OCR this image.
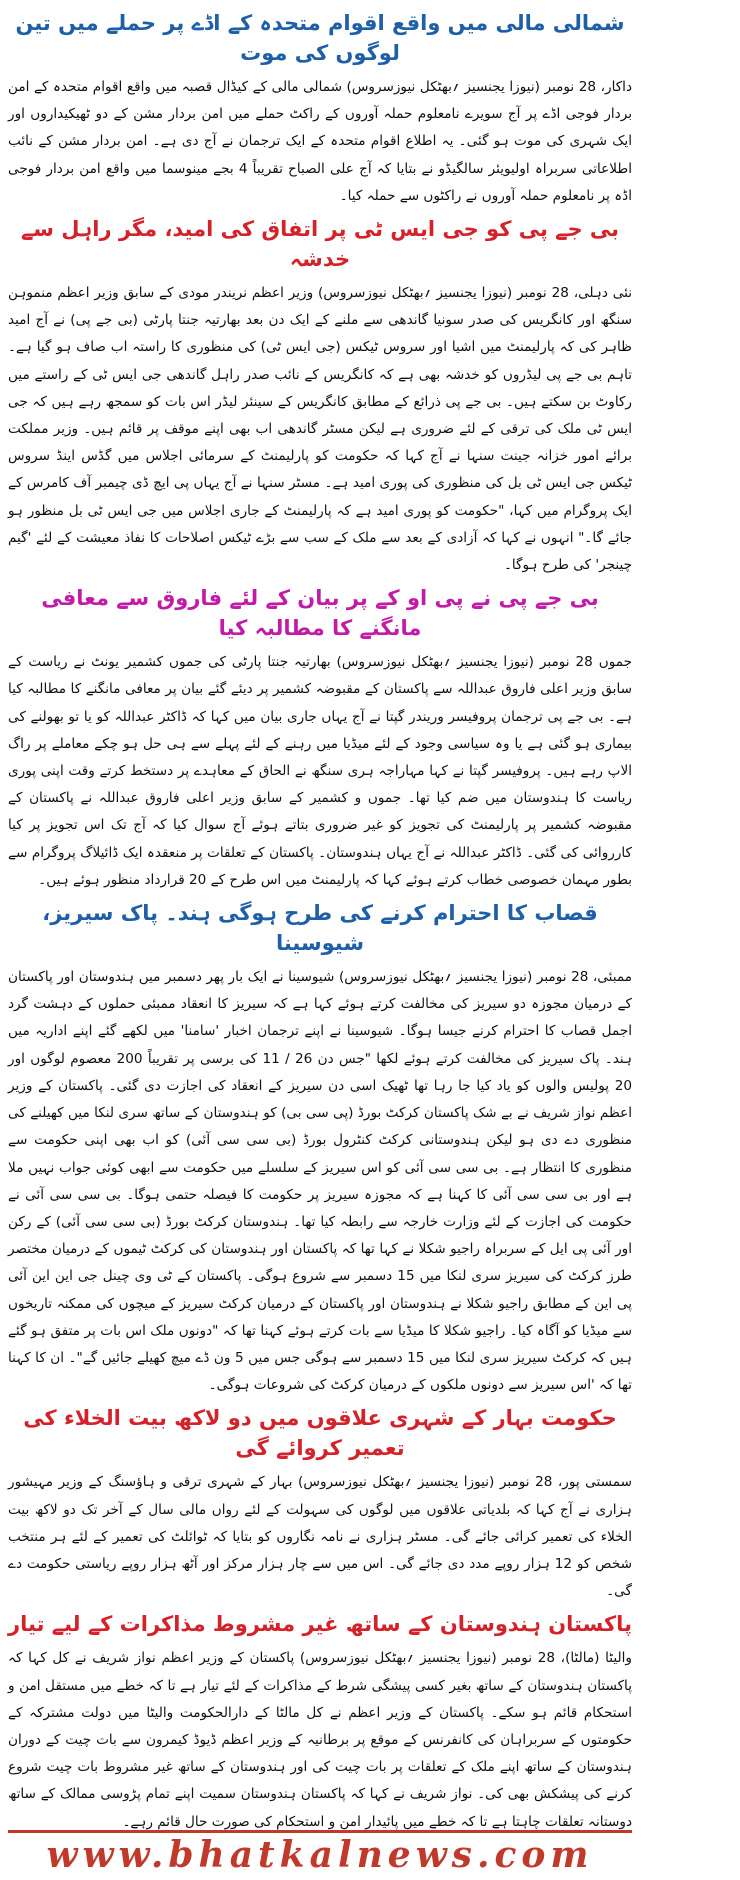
شمالی مالی میں واقع اقوام متحدہ کے اڈے پر حملے میں تین لوگوں کی موت

داکار، 28 نومبر (نیوزا یجنسیز ؍بھٹکل نیوزسروس) شمالی مالی کے کیڈال قصبہ میں واقع اقوام متحدہ کے امن بردار فوجی اڈے پر آج سویرے نامعلوم حملہ آوروں کے راکٹ حملے میں امن بردار مشن کے دو ٹھیکیداروں اور ایک شہری کی موت ہو گئی۔ یہ اطلاع اقوام متحدہ کے ایک ترجمان نے آج دی ہے۔ امن بردار مشن کے نائب اطلاعاتی سربراہ اولیویئر سالگیڈو نے بتایا کہ آج علی الصباح تقریباً 4 بجے مینوسما میں واقع امن بردار فوجی اڈہ پر نامعلوم حملہ آوروں نے راکٹوں سے حملہ کیا۔

بی جے پی کو جی ایس ٹی پر اتفاق کی امید، مگر راہل سے خدشہ

نئی دہلی، 28 نومبر (نیوزا یجنسیز ؍بھٹکل نیوزسروس) وزیر اعظم نریندر مودی کے سابق وزیر اعظم منموہن سنگھ اور کانگریس کی صدر سونیا گاندھی سے ملنے کے ایک دن بعد بھارتیہ جنتا پارٹی (بی جے پی) نے آج امید ظاہر کی کہ پارلیمنٹ میں اشیا اور سروس ٹیکس (جی ایس ٹی) کی منظوری کا راستہ اب صاف ہو گیا ہے۔ تاہم بی جے پی لیڈروں کو خدشہ بھی ہے کہ کانگریس کے نائب صدر راہل گاندھی جی ایس ٹی کے راستے میں رکاوٹ بن سکتے ہیں۔ بی جے پی ذرائع کے مطابق کانگریس کے سینئر لیڈر اس بات کو سمجھ رہے ہیں کہ جی ایس ٹی ملک کی ترقی کے لئے ضروری ہے لیکن مسٹر گاندھی اب بھی اپنے موقف پر قائم ہیں۔ وزیر مملکت برائے امور خزانہ جینت سنہا نے آج کہا کہ حکومت کو پارلیمنٹ کے سرمائی اجلاس میں گڈس اینڈ سروس ٹیکس جی ایس ٹی بل کی منظوری کی پوری امید ہے۔ مسٹر سنہا نے آج یہاں پی ایچ ڈی چیمبر آف کامرس کے ایک پروگرام میں کہا، "حکومت کو پوری امید ہے کہ پارلیمنٹ کے جاری اجلاس میں جی ایس ٹی بل منظور ہو جائے گا۔" انہوں نے کہا کہ آزادی کے بعد سے ملک کے سب سے بڑے ٹیکس اصلاحات کا نفاذ معیشت کے لئے 'گیم چینجر' کی طرح ہوگا۔

بی جے پی نے پی او کے پر بیان کے لئے فاروق سے معافی مانگنے کا مطالبہ کیا

جموں 28 نومبر (نیوزا یجنسیز ؍بھٹکل نیوزسروس) بھارتیہ جنتا پارٹی کی جموں کشمیر یونٹ نے ریاست کے سابق وزیر اعلی فاروق عبداللہ سے پاکستان کے مقبوضہ کشمیر پر دیئے گئے بیان پر معافی مانگنے کا مطالبہ کیا ہے۔ بی جے پی ترجمان پروفیسر وریندر گپتا نے آج یہاں جاری بیان میں کہا کہ ڈاکٹر عبداللہ کو یا تو بھولنے کی بیماری ہو گئی ہے یا وہ سیاسی وجود کے لئے میڈیا میں رہنے کے لئے پہلے سے ہی حل ہو چکے معاملے پر راگ الاپ رہے ہیں۔ پروفیسر گپتا نے کہا مہاراجہ ہری سنگھ نے الحاق کے معاہدے پر دستخط کرتے وقت اپنی پوری ریاست کا ہندوستان میں ضم کیا تھا۔ جموں و کشمیر کے سابق وزیر اعلی فاروق عبداللہ نے پاکستان کے مقبوضہ کشمیر پر پارلیمنٹ کی تجویز کو غیر ضروری بتاتے ہوئے آج سوال کیا کہ آج تک اس تجویز پر کیا کارروائی کی گئی۔ ڈاکٹر عبداللہ نے آج یہاں ہندوستان۔ پاکستان کے تعلقات پر منعقدہ ایک ڈائیلاگ پروگرام سے بطور مہمان خصوصی خطاب کرتے ہوئے کہا کہ پارلیمنٹ میں اس طرح کے 20 قرارداد منظور ہوئے ہیں۔

قصاب کا احترام کرنے کی طرح ہوگی ہند۔ پاک سیریز، شیوسینا

ممبئی، 28 نومبر (نیوزا یجنسیز ؍بھٹکل نیوزسروس) شیوسینا نے ایک بار پھر دسمبر میں ہندوستان اور پاکستان کے درمیان مجوزہ دو سیریز کی مخالفت کرتے ہوئے کہا ہے کہ سیریز کا انعقاد ممبئی حملوں کے دہشت گرد اجمل قصاب کا احترام کرنے جیسا ہوگا۔ شیوسینا نے اپنے ترجمان اخبار 'سامنا' میں لکھے گئے اپنے اداریہ میں ہند۔ پاک سیریز کی مخالفت کرتے ہوئے لکھا "جس دن 26 / 11 کی برسی پر تقریباً 200 معصوم لوگوں اور 20 پولیس والوں کو یاد کیا جا رہا تھا ٹھیک اسی دن سیریز کے انعقاد کی اجازت دی گئی۔ پاکستان کے وزیر اعظم نواز شریف نے بے شک پاکستان کرکٹ بورڈ (پی سی بی) کو ہندوستان کے ساتھ سری لنکا میں کھیلنے کی منظوری دے دی ہو لیکن ہندوستانی کرکٹ کنٹرول بورڈ (بی سی سی آئی) کو اب بھی اپنی حکومت سے منظوری کا انتظار ہے۔ بی سی سی آئی کو اس سیریز کے سلسلے میں حکومت سے ابھی کوئی جواب نہیں ملا ہے اور بی سی سی آئی کا کہنا ہے کہ مجوزہ سیریز پر حکومت کا فیصلہ حتمی ہوگا۔ بی سی سی آئی نے حکومت کی اجازت کے لئے وزارت خارجہ سے رابطہ کیا تھا۔ ہندوستان کرکٹ بورڈ (بی سی سی آئی) کے رکن اور آئی پی ایل کے سربراہ راجیو شکلا نے کہا تھا کہ پاکستان اور ہندوستان کی کرکٹ ٹیموں کے درمیان مختصر طرز کرکٹ کی سیریز سری لنکا میں 15 دسمبر سے شروع ہوگی۔ پاکستان کے ٹی وی چینل جی این این آئی پی این کے مطابق راجیو شکلا نے ہندوستان اور پاکستان کے درمیان کرکٹ سیریز کے میچوں کی ممکنہ تاریخوں سے میڈیا کو آگاہ کیا۔ راجیو شکلا کا میڈیا سے بات کرتے ہوئے کہنا تھا کہ "دونوں ملک اس بات پر متفق ہو گئے ہیں کہ کرکٹ سیریز سری لنکا میں 15 دسمبر سے ہوگی جس میں 5 ون ڈے میچ کھیلے جائیں گے"۔ ان کا کہنا تھا کہ 'اس سیریز سے دونوں ملکوں کے درمیان کرکٹ کی شروعات ہوگی۔

حکومت بہار کے شہری علاقوں میں دو لاکھ بیت الخلاء کی تعمیر کروائے گی

سمستی پور، 28 نومبر (نیوزا یجنسیز ؍بھٹکل نیوزسروس) بہار کے شہری ترقی و ہاؤسنگ کے وزیر مہیشور ہزاری نے آج کہا کہ بلدیاتی علاقوں میں لوگوں کی سہولت کے لئے رواں مالی سال کے آخر تک دو لاکھ بیت الخلاء کی تعمیر کرائی جائے گی۔ مسٹر ہزاری نے نامہ نگاروں کو بتایا کہ ٹوائلٹ کی تعمیر کے لئے ہر منتخب شخص کو 12 ہزار روپے مدد دی جائے گی۔ اس میں سے چار ہزار مرکز اور آٹھ ہزار روپے ریاستی حکومت دے گی۔

پاکستان ہندوستان کے ساتھ غیر مشروط مذاکرات کے لیے تیار

والیٹا (مالٹا)، 28 نومبر (نیوزا یجنسیز ؍بھٹکل نیوزسروس) پاکستان کے وزیر اعظم نواز شریف نے کل کہا کہ پاکستان ہندوستان کے ساتھ بغیر کسی پیشگی شرط کے مذاکرات کے لئے تیار ہے تا کہ خطے میں مستقل امن و استحکام قائم ہو سکے۔ پاکستان کے وزیر اعظم نے کل مالٹا کے دارالحکومت والیٹا میں دولت مشترکہ کے حکومتوں کے سربراہان کی کانفرنس کے موقع پر برطانیہ کے وزیر اعظم ڈیوڈ کیمرون سے بات چیت کے دوران ہندوستان کے ساتھ اپنے ملک کے تعلقات پر بات چیت کی اور ہندوستان کے ساتھ غیر مشروط بات چیت شروع کرنے کی پیشکش بھی کی۔ نواز شریف نے کہا کہ پاکستان ہندوستان سمیت اپنے تمام پڑوسی ممالک کے ساتھ دوستانہ تعلقات چاہتا ہے تا کہ خطے میں پائیدار امن و استحکام کی صورت حال قائم رہے۔

www.bhatkalnews.com
